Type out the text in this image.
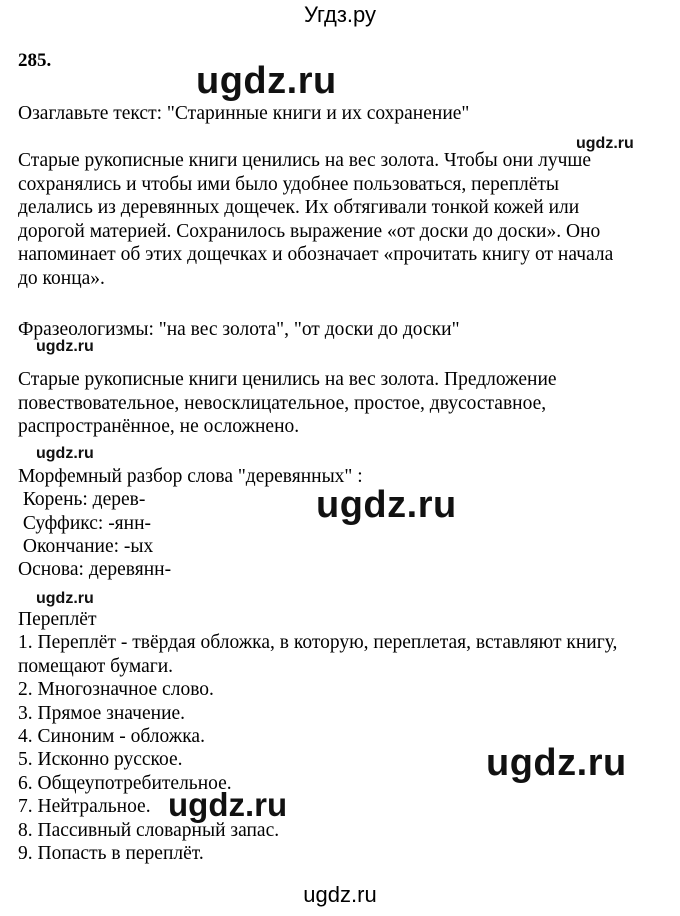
Угдз.ру
285.	ugdz.ru
Озаглавьте текст: "Старинные книги и их сохранение"
ugdz.ru
Старые рукописные книги ценились на вес золота. Чтобы они лучше
сохранялись и чтобы ими было удобнее пользоваться, переплёты
делались из деревянных дощечек. Их обтягивали тонкой кожей или
дорогой материей. Сохранилось выражение «от доски до доски». Оно
напоминает об этих дощечках и обозначает «прочитать книгу от начала
до конца».
Фразеологизмы: "на вес золота", "от доски до доски"
ugdz.ru
Старые рукописные книги ценились на вес золота. Предложение
повествовательное, невосклицательное, простое, двусоставное,
распространённое, не осложнено.
ugdz.ru
Морфемный разбор слова "деревянных" :
Корень: дерев-
Суффикс: -янн-
Окончание: -ых
Основа: деревянн-
ugdz.ru
ugdz.ru
Переплёт
1. Переплёт - твёрдая обложка, в которую, переплетая, вставляют книгу,
помещают бумаги.
2. Многозначное слово.
3. Прямое значение.
4. Синоним - обложка.
5. Исконно русское.
6. Общеупотребительное.
7. Нейтральное.
8. Пассивный словарный запас.
9. Попасть в переплёт.
ugdz.ru
ugdz.ru
ugdz.ru
